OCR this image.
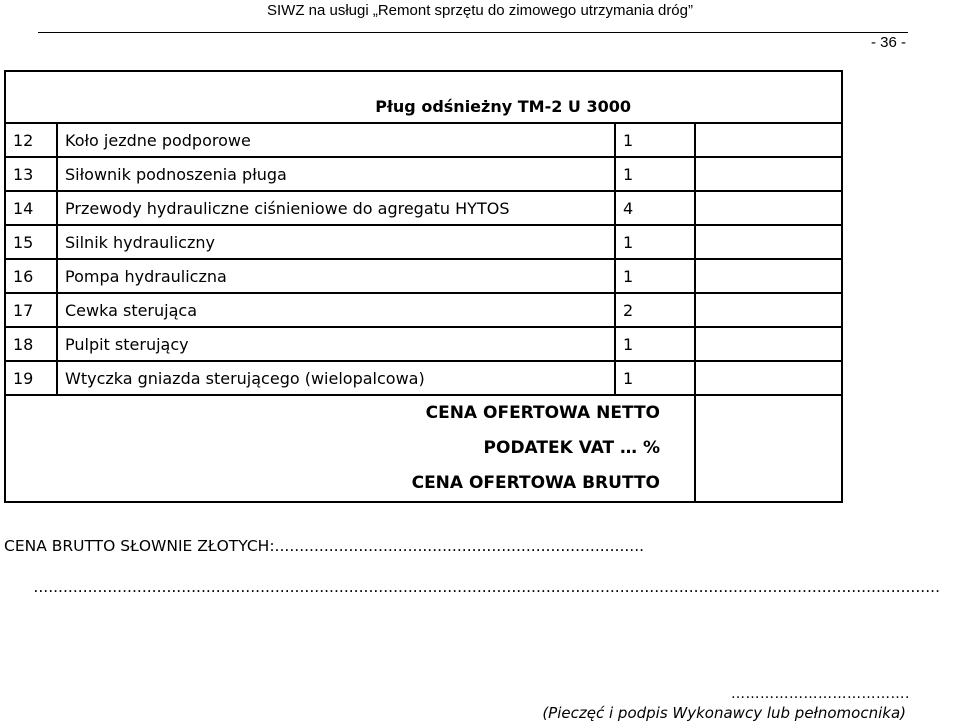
SIWZ na usługi „Remont sprzętu do zimowego utrzymania dróg”
- 36 -
Pług odśnieżny TM-2 U 3000			
12	Koło jezdne podporowe	1	
13	Siłownik podnoszenia pługa	1	
14	Przewody hydrauliczne ciśnieniowe do agregatu HYTOS	4	
15	Silnik hydrauliczny	1	
16	Pompa hydrauliczna	1	
17	Cewka sterująca	2	
18	Pulpit sterujący	1	
19	Wtyczka gniazda sterującego (wielopalcowa)	1	

CENA OFERTOWA NETTO
PODATEK VAT … %
CENA OFERTOWA BRUTTO			

CENA BRUTTO SŁOWNIE ZŁOTYCH:...........................................................................
........................................................................................................................................................................................
……………………………….
(Pieczęć i podpis Wykonawcy lub pełnomocnika)
